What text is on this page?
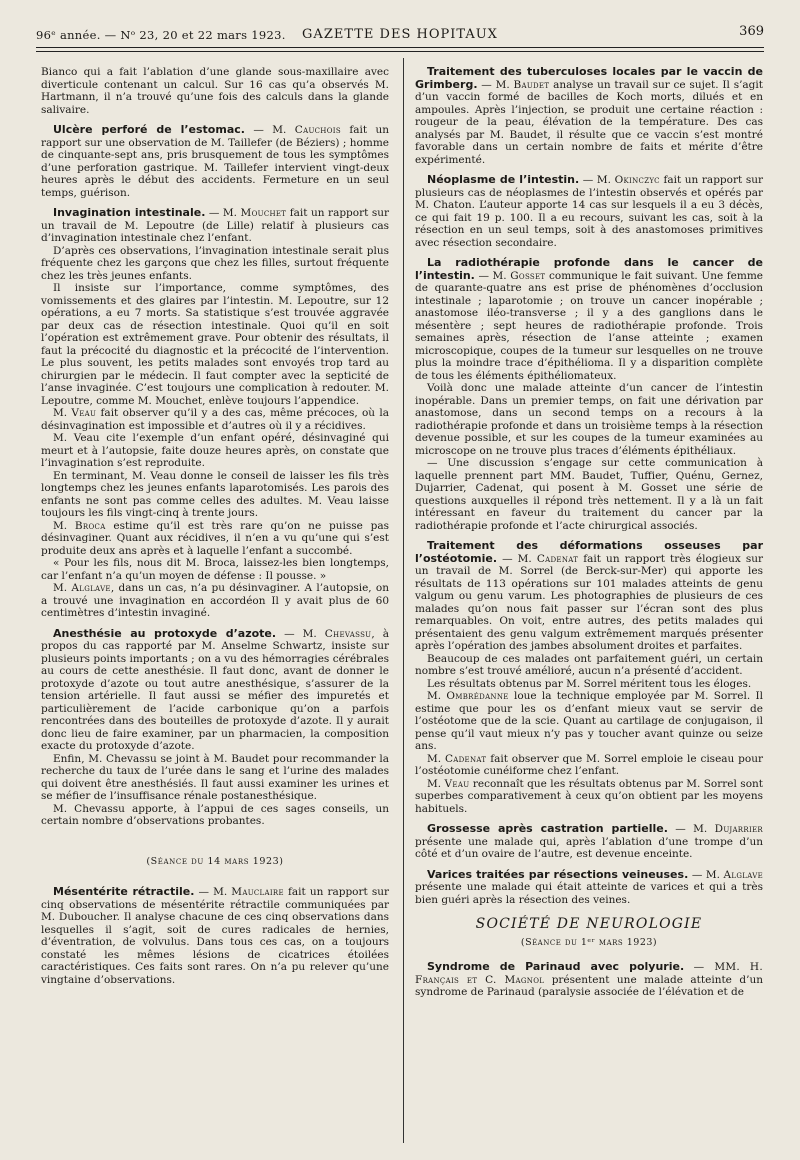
96ᵉ année. — Nᵒ 23, 20 et 22 mars 1923.	GAZETTE DES HOPITAUX	369

Bianco qui a fait l’ablation d’une glande sous-maxillaire avec diverticule contenant un calcul. Sur 16 cas qu’a observés M. Hartmann, il n’a trouvé qu’une fois des calculs dans la glande salivaire.

Ulcère perforé de l’estomac. — M. Cauchois fait un rapport sur une observation de M. Taillefer (de Béziers) ; homme de cinquante-sept ans, pris brusquement de tous les symptômes d’une perforation gastrique. M. Taillefer intervient vingt-deux heures après le début des accidents. Fermeture en un seul temps, guérison.

Invagination intestinale. — M. Mouchet fait un rapport sur un travail de M. Lepoutre (de Lille) relatif à plusieurs cas d’invagination intestinale chez l’enfant.

D’après ces observations, l’invagination intestinale serait plus fréquente chez les garçons que chez les filles, surtout fréquente chez les très jeunes enfants.

Il insiste sur l’importance, comme symptômes, des vomissements et des glaires par l’intestin. M. Lepoutre, sur 12 opérations, a eu 7 morts. Sa statistique s’est trouvée aggravée par deux cas de résection intestinale. Quoi qu’il en soit l’opération est extrêmement grave. Pour obtenir des résultats, il faut la précocité du diagnostic et la précocité de l’intervention. Le plus souvent, les petits malades sont envoyés trop tard au chirurgien par le médecin. Il faut compter avec la septicité de l’anse invaginée. C’est toujours une complication à redouter. M. Lepoutre, comme M. Mouchet, enlève toujours l’appendice.

M. Veau fait observer qu’il y a des cas, même précoces, où la désinvagination est impossible et d’autres où il y a récidives.

M. Veau cite l’exemple d’un enfant opéré, désinvaginé qui meurt et à l’autopsie, faite douze heures après, on constate que l’invagination s’est reproduite.

En terminant, M. Veau donne le conseil de laisser les fils très longtemps chez les jeunes enfants laparotomisés. Les parois des enfants ne sont pas comme celles des adultes. M. Veau laisse toujours les fils vingt-cinq à trente jours.

M. Broca estime qu’il est très rare qu’on ne puisse pas désinvaginer. Quant aux récidives, il n’en a vu qu’une qui s’est produite deux ans après et à laquelle l’enfant a succombé.

« Pour les fils, nous dit M. Broca, laissez-les bien longtemps, car l’enfant n’a qu’un moyen de défense : Il pousse. »

M. Alglave, dans un cas, n’a pu désinvaginer. A l’autopsie, on a trouvé une invagination en accordéon Il y avait plus de 60 centimètres d’intestin invaginé.

Anesthésie au protoxyde d’azote. — M. Chevassu, à propos du cas rapporté par M. Anselme Schwartz, insiste sur plusieurs points importants ; on a vu des hémorragies cérébrales au cours de cette anesthésie. Il faut donc, avant de donner le protoxyde d’azote ou tout autre anesthésique, s’assurer de la tension artérielle. Il faut aussi se méfier des impuretés et particulièrement de l’acide carbonique qu’on a parfois rencontrées dans des bouteilles de protoxyde d’azote. Il y aurait donc lieu de faire examiner, par un pharmacien, la composition exacte du protoxyde d’azote.

Enfin, M. Chevassu se joint à M. Baudet pour recommander la recherche du taux de l’urée dans le sang et l’urine des malades qui doivent être anesthésiés. Il faut aussi examiner les urines et se méfier de l’insuffisance rénale postanesthésique.

M. Chevassu apporte, à l’appui de ces sages conseils, un certain nombre d’observations probantes.

(Séance du 14 mars 1923)

Mésentérite rétractile. — M. Mauclaire fait un rapport sur cinq observations de mésentérite rétractile communiquées par M. Duboucher. Il analyse chacune de ces cinq observations dans lesquelles il s’agit, soit de cures radicales de hernies, d’éventration, de volvulus. Dans tous ces cas, on a toujours constaté les mêmes lésions de cicatrices étoilées caractéristiques. Ces faits sont rares. On n’a pu relever qu’une vingtaine d’observations.

Traitement des tuberculoses locales par le vaccin de Grimberg. — M. Baudet analyse un travail sur ce sujet. Il s’agit d’un vaccin formé de bacilles de Koch morts, dilués et en ampoules. Après l’injection, se produit une certaine réaction : rougeur de la peau, élévation de la température. Des cas analysés par M. Baudet, il résulte que ce vaccin s’est montré favorable dans un certain nombre de faits et mérite d’être expérimenté.

Néoplasme de l’intestin. — M. Okinczyc fait un rapport sur plusieurs cas de néoplasmes de l’intestin observés et opérés par M. Chaton. L’auteur apporte 14 cas sur lesquels il a eu 3 décès, ce qui fait 19 p. 100. Il a eu recours, suivant les cas, soit à la résection en un seul temps, soit à des anastomoses primitives avec résection secondaire.

La radiothérapie profonde dans le cancer de l’intestin. — M. Gosset communique le fait suivant. Une femme de quarante-quatre ans est prise de phénomènes d’occlusion intestinale ; laparotomie ; on trouve un cancer inopérable ; anastomose iléo-transverse ; il y a des ganglions dans le mésentère ; sept heures de radiothérapie profonde. Trois semaines après, résection de l’anse atteinte ; examen microscopique, coupes de la tumeur sur lesquelles on ne trouve plus la moindre trace d’épithélioma. Il y a disparition complète de tous les éléments épithéliomateux.

Voilà donc une malade atteinte d’un cancer de l’intestin inopérable. Dans un premier temps, on fait une dérivation par anastomose, dans un second temps on a recours à la radiothérapie profonde et dans un troisième temps à la résection devenue possible, et sur les coupes de la tumeur examinées au microscope on ne trouve plus traces d’éléments épithéliaux.

— Une discussion s’engage sur cette communication à laquelle prennent part MM. Baudet, Tuffier, Quénu, Gernez, Dujarrier, Cadenat, qui posent à M. Gosset une série de questions auxquelles il répond très nettement. Il y a là un fait intéressant en faveur du traitement du cancer par la radiothérapie profonde et l’acte chirurgical associés.

Traitement des déformations osseuses par l’ostéotomie. — M. Cadenat fait un rapport très élogieux sur un travail de M. Sorrel (de Berck-sur-Mer) qui apporte les résultats de 113 opérations sur 101 malades atteints de genu valgum ou genu varum. Les photographies de plusieurs de ces malades qu’on nous fait passer sur l’écran sont des plus remarquables. On voit, entre autres, des petits malades qui présentaient des genu valgum extrêmement marqués présenter après l’opération des jambes absolument droites et parfaites.

Beaucoup de ces malades ont parfaitement guéri, un certain nombre s’est trouvé amélioré, aucun n’a présenté d’accident.

Les résultats obtenus par M. Sorrel méritent tous les éloges.

M. Ombrédanne loue la technique employée par M. Sorrel. Il estime que pour les os d’enfant mieux vaut se servir de l’ostéotome que de la scie. Quant au cartilage de conjugaison, il pense qu’il vaut mieux n’y pas y toucher avant quinze ou seize ans.

M. Cadenat fait observer que M. Sorrel emploie le ciseau pour l’ostéotomie cunéiforme chez l’enfant.

M. Veau reconnaît que les résultats obtenus par M. Sorrel sont superbes comparativement à ceux qu’on obtient par les moyens habituels.

Grossesse après castration partielle. — M. Dujarrier présente une malade qui, après l’ablation d’une trompe d’un côté et d’un ovaire de l’autre, est devenue enceinte.

Varices traitées par résections veineuses. — M. Alglave présente une malade qui était atteinte de varices et qui a très bien guéri après la résection des veines.

SOCIÉTÉ DE NEUROLOGIE
(Séance du 1ᵉʳ mars 1923)

Syndrome de Parinaud avec polyurie. — MM. H. Françaıs et C. Magnol présentent une malade atteinte d’un syndrome de Parinaud (paralysie associée de l’élévation et de
